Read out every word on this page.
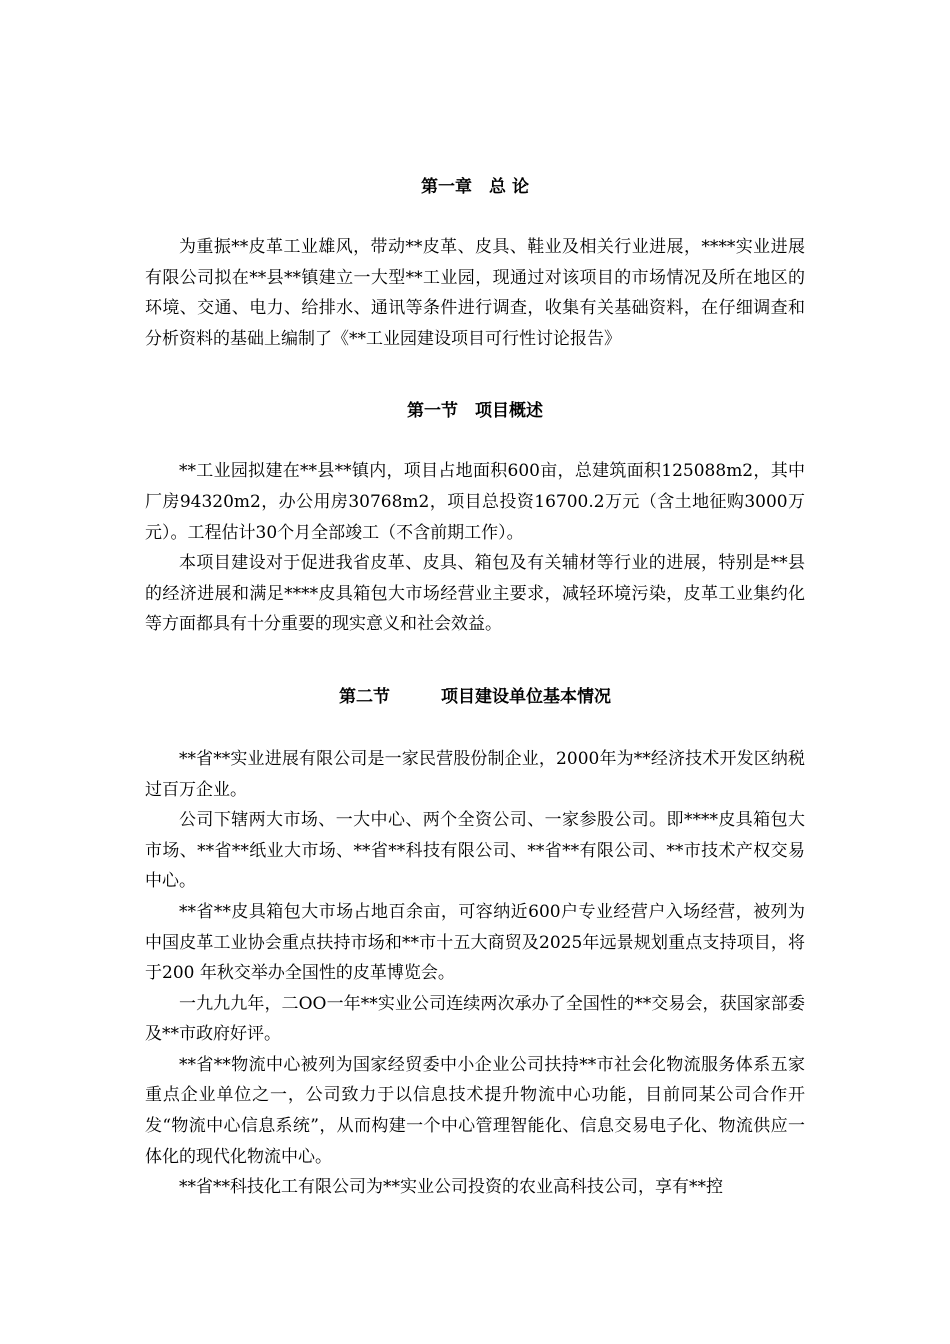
第一章　总 论

为重振**皮革工业雄风，带动**皮革、皮具、鞋业及相关行业进展，****实业进展有限公司拟在**县**镇建立一大型**工业园，现通过对该项目的市场情况及所在地区的环境、交通、电力、给排水、通讯等条件进行调查，收集有关基础资料，在仔细调查和分析资料的基础上编制了《**工业园建设项目可行性讨论报告》

第一节　项目概述

**工业园拟建在**县**镇内，项目占地面积600亩，总建筑面积125088m2，其中厂房94320m2，办公用房30768m2，项目总投资16700.2万元（含土地征购3000万元）。工程估计30个月全部竣工（不含前期工作）。

本项目建设对于促进我省皮革、皮具、箱包及有关辅材等行业的进展，特别是**县的经济进展和满足****皮具箱包大市场经营业主要求，减轻环境污染，皮革工业集约化等方面都具有十分重要的现实意义和社会效益。

第二节　　　项目建设单位基本情况

**省**实业进展有限公司是一家民营股份制企业，2000年为**经济技术开发区纳税过百万企业。

公司下辖两大市场、一大中心、两个全资公司、一家参股公司。即****皮具箱包大市场、**省**纸业大市场、**省**科技有限公司、**省**有限公司、**市技术产权交易中心。

**省**皮具箱包大市场占地百余亩，可容纳近600户专业经营户入场经营，被列为中国皮革工业协会重点扶持市场和**市十五大商贸及2025年远景规划重点支持项目，将于200 年秋交举办全国性的皮革博览会。

一九九九年，二OO一年**实业公司连续两次承办了全国性的**交易会，获国家部委及**市政府好评。

**省**物流中心被列为国家经贸委中小企业公司扶持**市社会化物流服务体系五家重点企业单位之一，公司致力于以信息技术提升物流中心功能，目前同某公司合作开发“物流中心信息系统”，从而构建一个中心管理智能化、信息交易电子化、物流供应一体化的现代化物流中心。

**省**科技化工有限公司为**实业公司投资的农业高科技公司，享有**控
